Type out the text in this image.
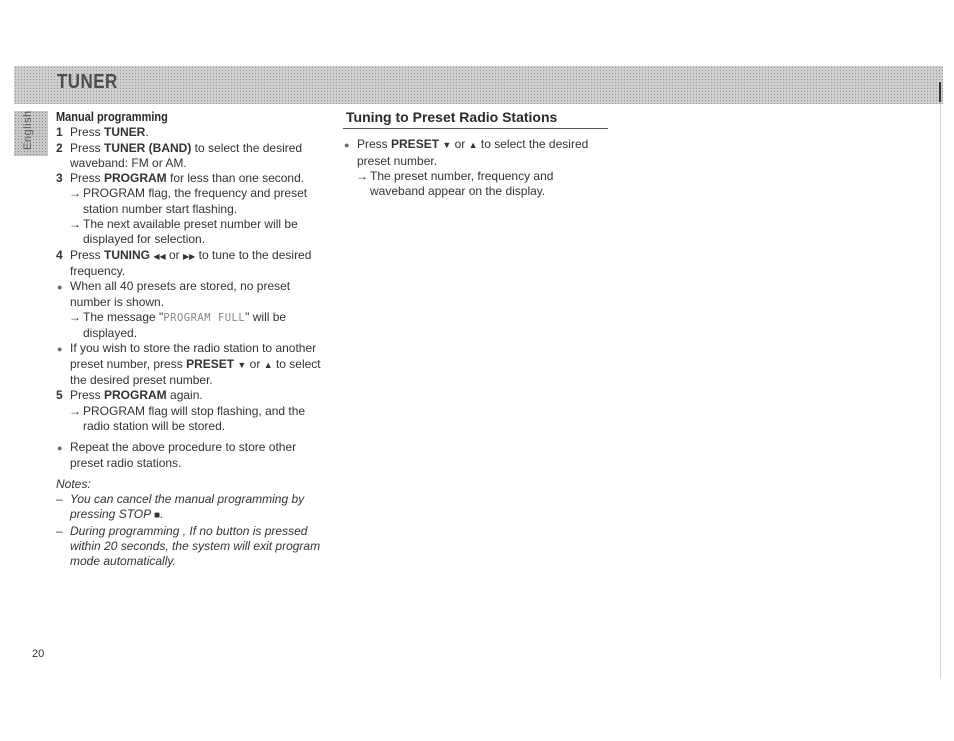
TUNER
English Manual programming
1 Press TUNER.
2 Press TUNER (BAND) to select the desired waveband: FM or AM.
3 Press PROGRAM for less than one second.
→ PROGRAM flag, the frequency and preset station number start flashing.
→ The next available preset number will be displayed for selection.
4 Press TUNING ◀◀ or ▶▶ to tune to the desired frequency.
● When all 40 presets are stored, no preset number is shown.
→ The message "PROGRAM FULL" will be displayed.
● If you wish to store the radio station to another preset number, press PRESET ▼ or ▲ to select the desired preset number.
5 Press PROGRAM again.
→ PROGRAM flag will stop flashing, and the radio station will be stored.
● Repeat the above procedure to store other preset radio stations.
Notes:
– You can cancel the manual programming by pressing STOP ■.
– During programming , If no button is pressed within 20 seconds, the system will exit program mode automatically.
Tuning to Preset Radio Stations
● Press PRESET ▼ or ▲ to select the desired preset number.
→ The preset number, frequency and waveband appear on the display.
20
